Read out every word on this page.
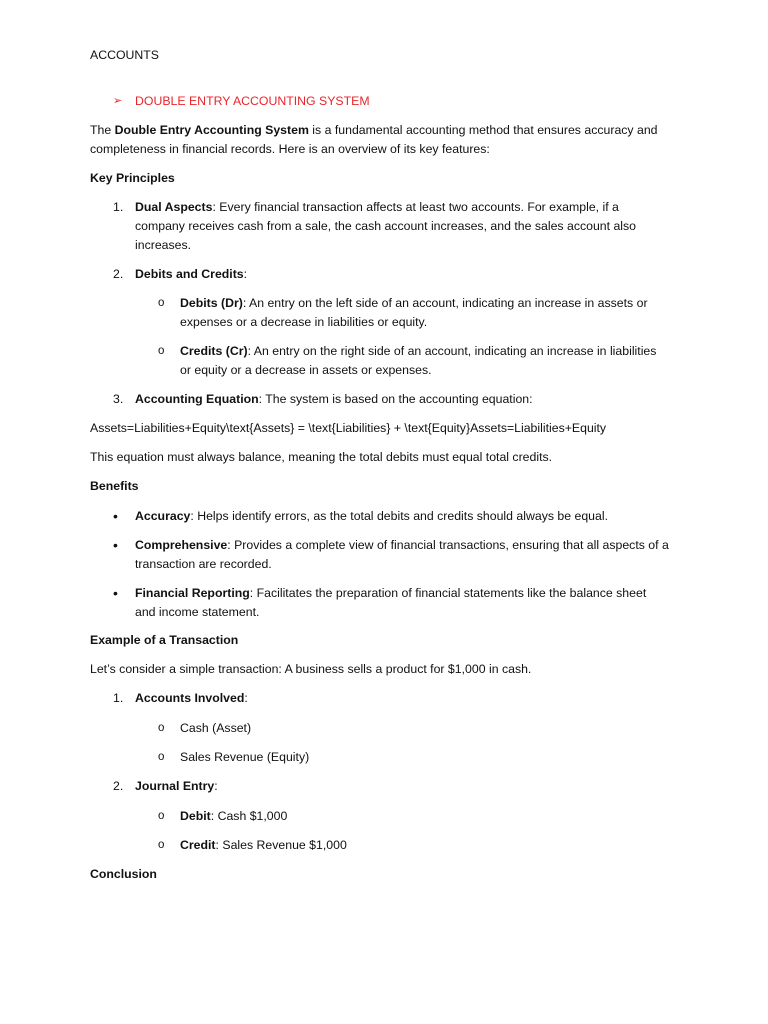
ACCOUNTS
➢ DOUBLE ENTRY ACCOUNTING SYSTEM
The Double Entry Accounting System is a fundamental accounting method that ensures accuracy and
completeness in financial records. Here is an overview of its key features:
Key Principles
1. Dual Aspects: Every financial transaction affects at least two accounts. For example, if a
company receives cash from a sale, the cash account increases, and the sales account also
increases.
2. Debits and Credits:
o Debits (Dr): An entry on the left side of an account, indicating an increase in assets or
expenses or a decrease in liabilities or equity.
o Credits (Cr): An entry on the right side of an account, indicating an increase in liabilities
or equity or a decrease in assets or expenses.
3. Accounting Equation: The system is based on the accounting equation:
Assets=Liabilities+Equity\text{Assets} = \text{Liabilities} + \text{Equity}Assets=Liabilities+Equity
This equation must always balance, meaning the total debits must equal total credits.
Benefits
• Accuracy: Helps identify errors, as the total debits and credits should always be equal.
• Comprehensive: Provides a complete view of financial transactions, ensuring that all aspects of a
transaction are recorded.
• Financial Reporting: Facilitates the preparation of financial statements like the balance sheet
and income statement.
Example of a Transaction
Let’s consider a simple transaction: A business sells a product for $1,000 in cash.
1. Accounts Involved:
o Cash (Asset)
o Sales Revenue (Equity)
2. Journal Entry:
o Debit: Cash $1,000
o Credit: Sales Revenue $1,000
Conclusion
